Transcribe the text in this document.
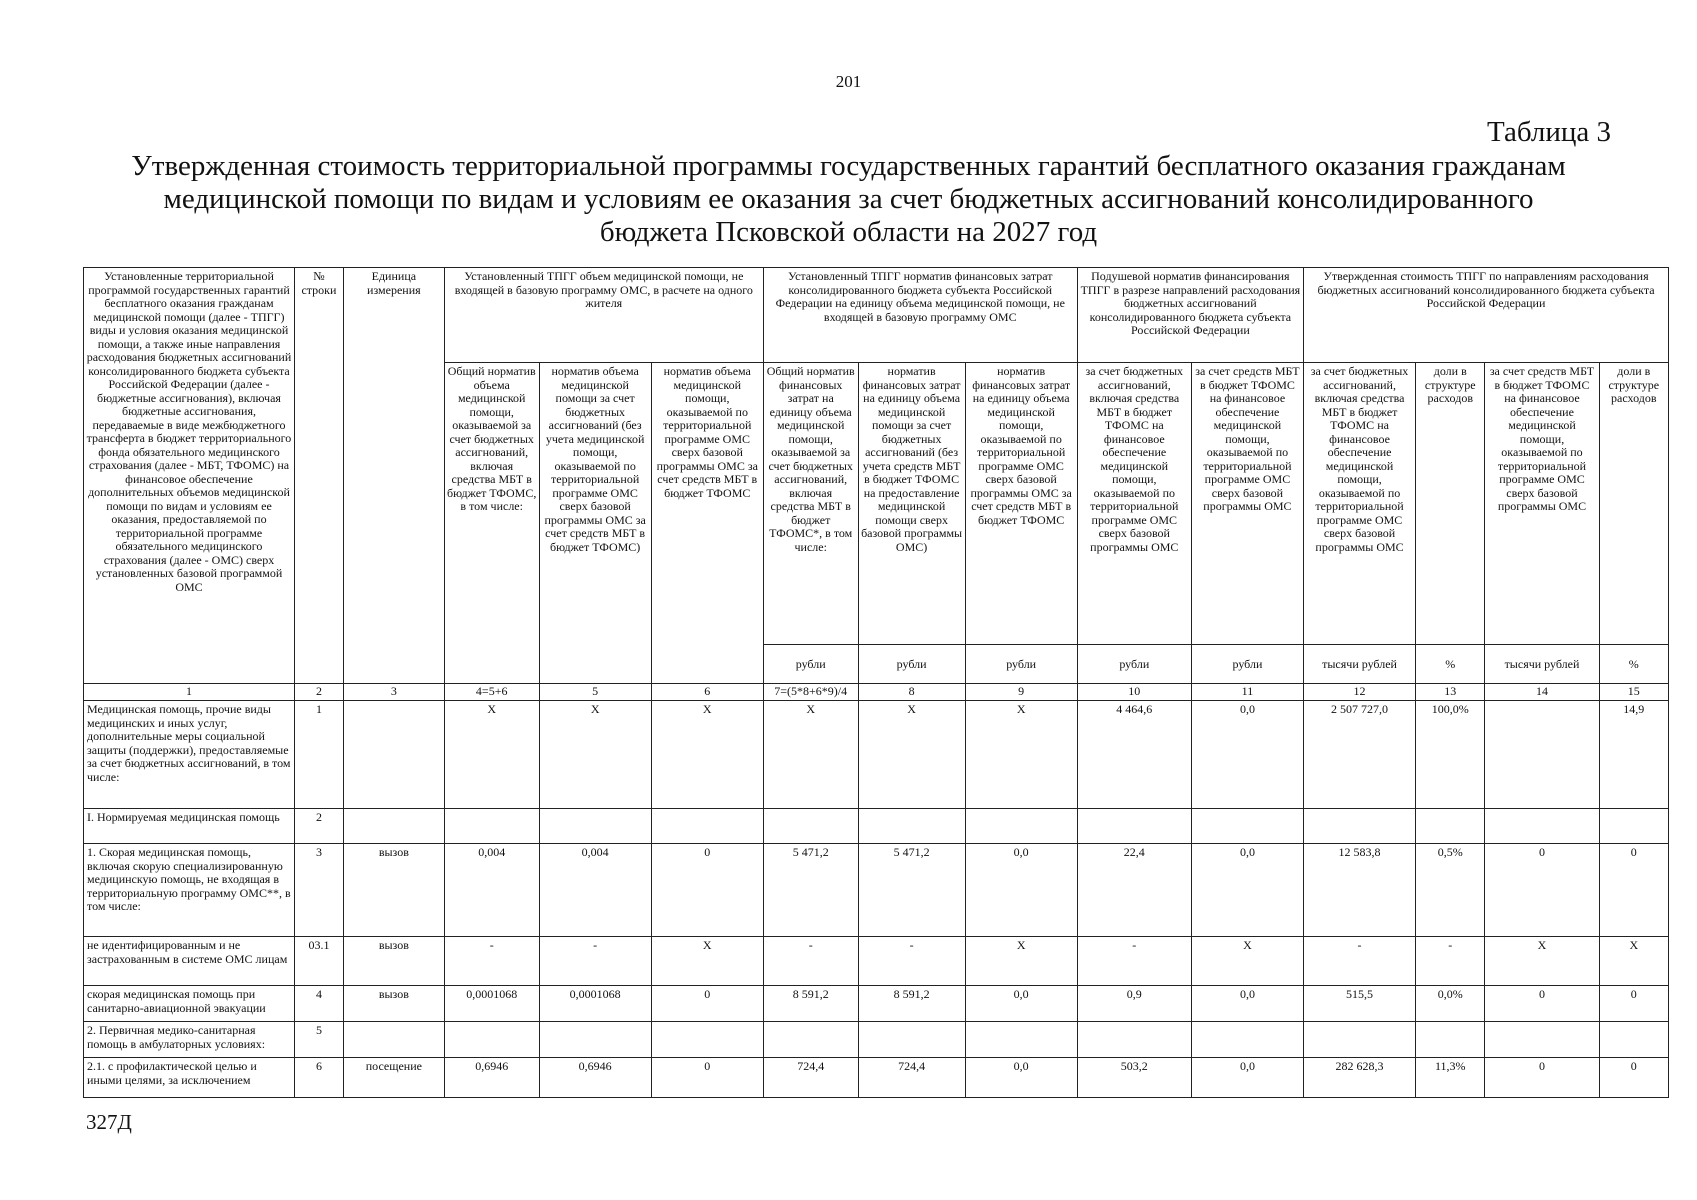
201
Таблица 3
Утвержденная стоимость территориальной программы государственных гарантий бесплатного оказания гражданам
медицинской помощи по видам и условиям ее оказания за счет бюджетных ассигнований консолидированного
бюджета Псковской области на 2027 год
Установленные территориальной программой государственных гарантий бесплатного оказания гражданам медицинской помощи (далее - ТПГГ) виды и условия оказания медицинской помощи, а также иные направления расходования бюджетных ассигнований консолидированного бюджета субъекта Российской Федерации (далее - бюджетные ассигнования), включая бюджетные ассигнования, передаваемые в виде межбюджетного трансферта в бюджет территориального фонда обязательного медицинского страхования (далее - МБТ, ТФОМС) на финансовое обеспечение дополнительных объемов медицинской помощи по видам и условиям ее оказания, предоставляемой по территориальной программе обязательного медицинского страхования (далее - ОМС) сверх установленных базовой программой ОМС	№ строки	Единица измерения	Установленный ТПГГ объем медицинской помощи, не входящей в базовую программу ОМС, в расчете на одного жителя			Установленный ТПГГ норматив финансовых затрат консолидированного бюджета субъекта Российской Федерации на единицу объема медицинской помощи, не входящей в базовую программу ОМС			Подушевой норматив финансирования ТПГГ в разрезе направлений расходования бюджетных ассигнований консолидированного бюджета субъекта Российской Федерации		Утвержденная стоимость ТПГГ по направлениям расходования бюджетных ассигнований консолидированного бюджета субъекта Российской Федерации			
			Общий норматив объема медицинской помощи, оказываемой за счет бюджетных ассигнований, включая средства МБТ в бюджет ТФОМС, в том числе:	норматив объема медицинской помощи за счет бюджетных ассигнований (без учета медицинской помощи, оказываемой по территориальной программе ОМС сверх базовой программы ОМС за счет средств МБТ в бюджет ТФОМС)	норматив объема медицинской помощи, оказываемой по территориальной программе ОМС сверх базовой программы ОМС за счет средств МБТ в бюджет ТФОМС	Общий норматив финансовых затрат на единицу объема медицинской помощи, оказываемой за счет бюджетных ассигнований, включая средства МБТ в бюджет ТФОМС*, в том числе:	норматив финансовых затрат на единицу объема медицинской помощи за счет бюджетных ассигнований (без учета средств МБТ в бюджет ТФОМС на предоставление медицинской помощи сверх базовой программы ОМС)	норматив финансовых затрат на единицу объема медицинской помощи, оказываемой по территориальной программе ОМС сверх базовой программы ОМС за счет средств МБТ в бюджет ТФОМС	за счет бюджетных ассигнований, включая средства МБТ в бюджет ТФОМС на финансовое обеспечение медицинской помощи, оказываемой по территориальной программе ОМС сверх базовой программы ОМС	за счет средств МБТ в бюджет ТФОМС на финансовое обеспечение медицинской помощи, оказываемой по территориальной программе ОМС сверх базовой программы ОМС	за счет бюджетных ассигнований, включая средства МБТ в бюджет ТФОМС на финансовое обеспечение медицинской помощи, оказываемой по территориальной программе ОМС сверх базовой программы ОМС	доли в структуре расходов	за счет средств МБТ в бюджет ТФОМС на финансовое обеспечение медицинской помощи, оказываемой по территориальной программе ОМС сверх базовой программы ОМС	доли в структуре расходов
						рубли	рубли	рубли	рубли	рубли	тысячи рублей	%	тысячи рублей	%
1	2	3	4=5+6	5	6	7=(5*8+6*9)/4	8	9	10	11	12	13	14	15
Медицинская помощь, прочие виды медицинских и иных услуг, дополнительные меры социальной защиты (поддержки), предоставляемые за счет бюджетных ассигнований, в том числе:	1		X	X	X	X	X	X	4 464,6	0,0	2 507 727,0	100,0%		14,9
I. Нормируемая медицинская помощь	2													
1. Скорая медицинская помощь, включая скорую специализированную медицинскую помощь, не входящая в территориальную программу ОМС**, в том числе:	3	вызов	0,004	0,004	0	5 471,2	5 471,2	0,0	22,4	0,0	12 583,8	0,5%	0	0
не идентифицированным и не застрахованным в системе ОМС лицам	03.1	вызов	-	-	X	-	-	X	-	X	-	-	X	X
скорая медицинская помощь при санитарно-авиационной эвакуации	4	вызов	0,0001068	0,0001068	0	8 591,2	8 591,2	0,0	0,9	0,0	515,5	0,0%	0	0
2. Первичная медико-санитарная помощь в амбулаторных условиях:	5													
2.1. с профилактической целью и иными целями, за исключением	6	посещение	0,6946	0,6946	0	724,4	724,4	0,0	503,2	0,0	282 628,3	11,3%	0	0
327Д
